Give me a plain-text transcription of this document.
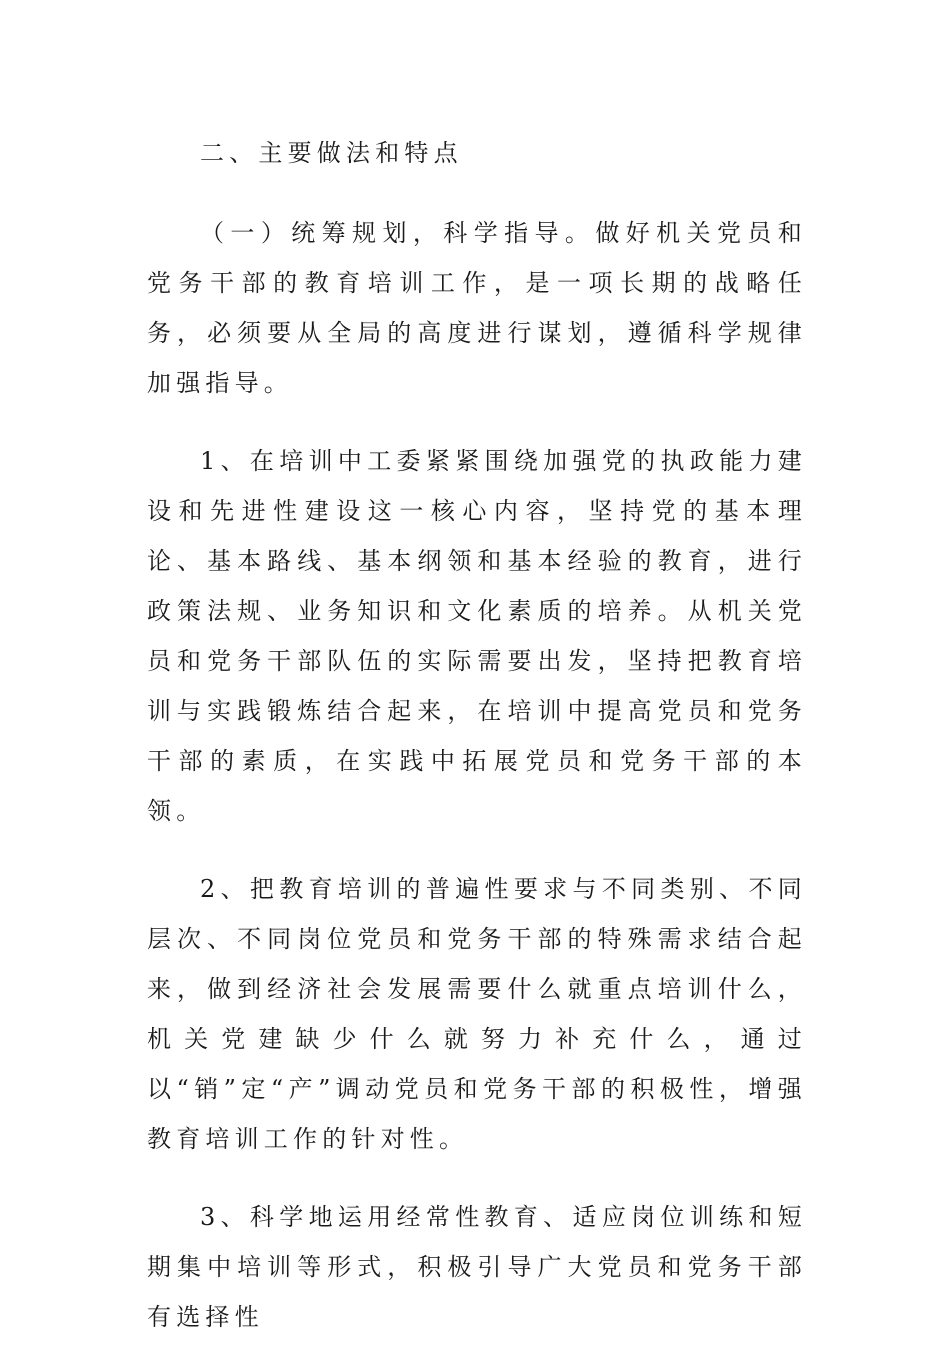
二、主要做法和特点

（一）统筹规划，科学指导。做好机关党员和党务干部的教育培训工作，是一项长期的战略任务，必须要从全局的高度进行谋划，遵循科学规律加强指导。

1、在培训中工委紧紧围绕加强党的执政能力建设和先进性建设这一核心内容，坚持党的基本理论、基本路线、基本纲领和基本经验的教育，进行政策法规、业务知识和文化素质的培养。从机关党员和党务干部队伍的实际需要出发，坚持把教育培训与实践锻炼结合起来，在培训中提高党员和党务干部的素质，在实践中拓展党员和党务干部的本领。

2、把教育培训的普遍性要求与不同类别、不同层次、不同岗位党员和党务干部的特殊需求结合起来，做到经济社会发展需要什么就重点培训什么，机关党建缺少什么就努力补充什么，通过以“销”定“产”调动党员和党务干部的积极性，增强教育培训工作的针对性。

3、科学地运用经常性教育、适应岗位训练和短期集中培训等形式，积极引导广大党员和党务干部有选择性
